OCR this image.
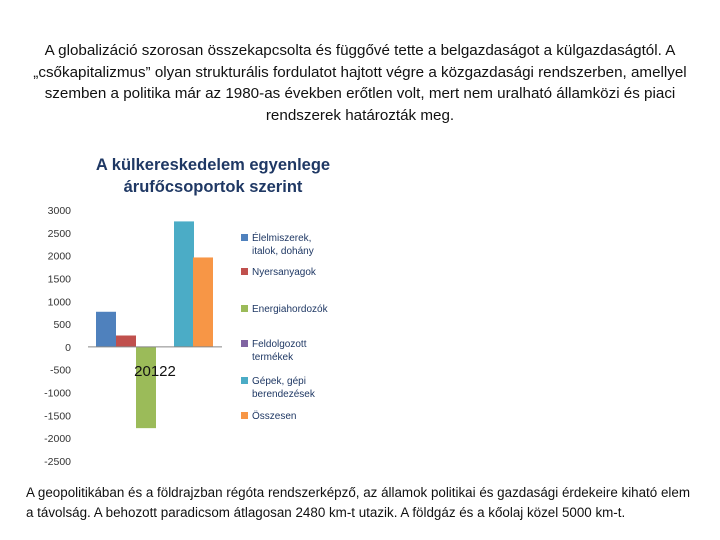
A globalizáció szorosan összekapcsolta és függővé tette a belgazdaságot a külgazdaságtól. A „csőkapitalizmus” olyan strukturális fordulatot hajtott végre a közgazdasági rendszerben, amellyel szemben a politika már az 1980-as években erőtlen volt, mert nem uralható államközi és piaci rendszerek határozták meg.
A külkereskedelem egyenlege
árufőcsoportok szerint
3000
2500
2000
1500
1000
500
0
-500
-1000
-1500
-2000
-2500
20122
Élelmiszerek,
italok, dohány
Nyersanyagok
Energiahordozók
Feldolgozott
termékek
Gépek, gépi
berendezések
Összesen
A geopolitikában és a földrajzban régóta rendszerképző, az államok politikai és gazdasági érdekeire kiható elem a távolság. A behozott paradicsom átlagosan 2480 km-t utazik. A földgáz és a kőolaj közel 5000 km-t.
